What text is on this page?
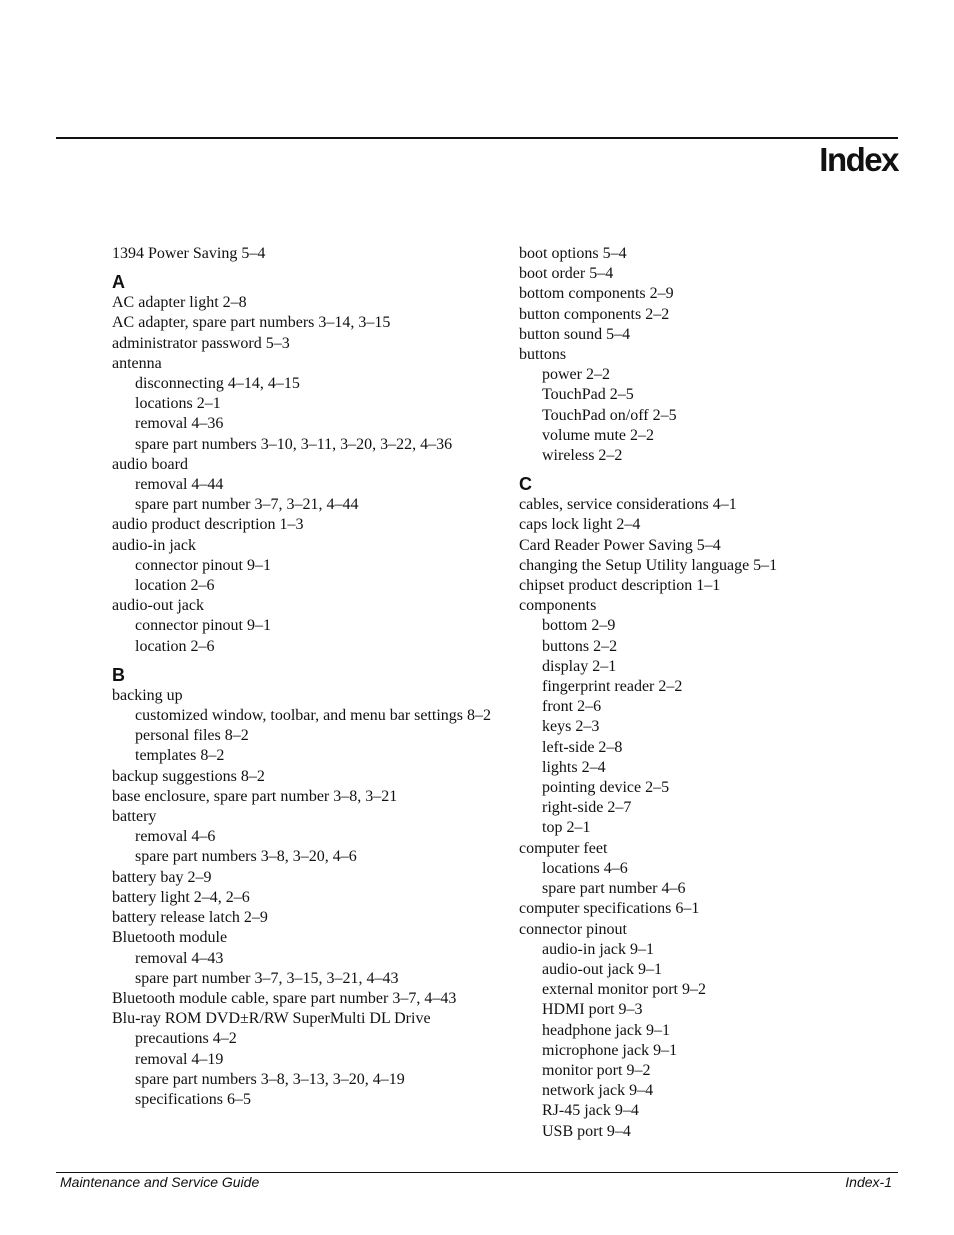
Index
1394 Power Saving 5–4
A
AC adapter light 2–8
AC adapter, spare part numbers 3–14, 3–15
administrator password 5–3
antenna
disconnecting 4–14, 4–15
locations 2–1
removal 4–36
spare part numbers 3–10, 3–11, 3–20, 3–22, 4–36
audio board
removal 4–44
spare part number 3–7, 3–21, 4–44
audio product description 1–3
audio-in jack
connector pinout 9–1
location 2–6
audio-out jack
connector pinout 9–1
location 2–6
B
backing up
customized window, toolbar, and menu bar settings 8–2
personal files 8–2
templates 8–2
backup suggestions 8–2
base enclosure, spare part number 3–8, 3–21
battery
removal 4–6
spare part numbers 3–8, 3–20, 4–6
battery bay 2–9
battery light 2–4, 2–6
battery release latch 2–9
Bluetooth module
removal 4–43
spare part number 3–7, 3–15, 3–21, 4–43
Bluetooth module cable, spare part number 3–7, 4–43
Blu-ray ROM DVD±R/RW SuperMulti DL Drive
precautions 4–2
removal 4–19
spare part numbers 3–8, 3–13, 3–20, 4–19
specifications 6–5
boot options 5–4
boot order 5–4
bottom components 2–9
button components 2–2
button sound 5–4
buttons
power 2–2
TouchPad 2–5
TouchPad on/off 2–5
volume mute 2–2
wireless 2–2
C
cables, service considerations 4–1
caps lock light 2–4
Card Reader Power Saving 5–4
changing the Setup Utility language 5–1
chipset product description 1–1
components
bottom 2–9
buttons 2–2
display 2–1
fingerprint reader 2–2
front 2–6
keys 2–3
left-side 2–8
lights 2–4
pointing device 2–5
right-side 2–7
top 2–1
computer feet
locations 4–6
spare part number 4–6
computer specifications 6–1
connector pinout
audio-in jack 9–1
audio-out jack 9–1
external monitor port 9–2
HDMI port 9–3
headphone jack 9–1
microphone jack 9–1
monitor port 9–2
network jack 9–4
RJ-45 jack 9–4
USB port 9–4
Maintenance and Service Guide	Index-1
